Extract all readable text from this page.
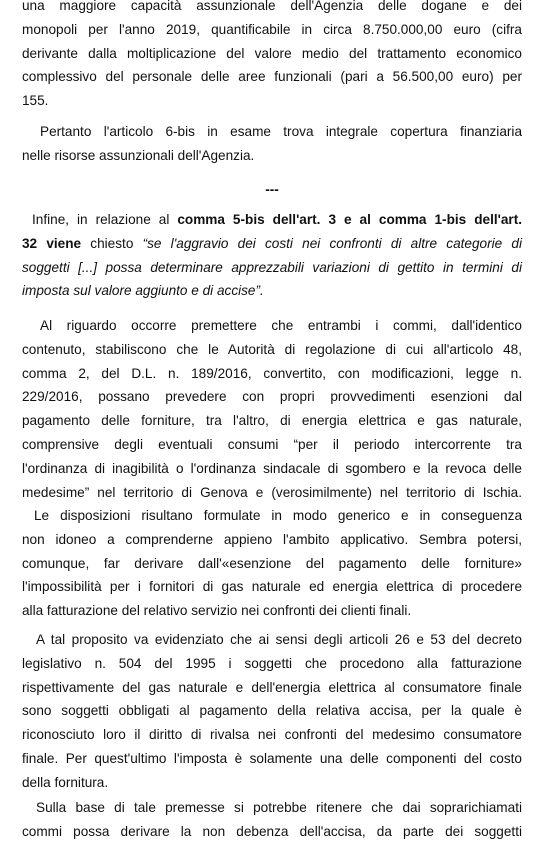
una maggiore capacità assunzionale dell'Agenzia delle dogane e dei
monopoli per l'anno 2019, quantificabile in circa 8.750.000,00 euro (cifra
derivante dalla moltiplicazione del valore medio del trattamento economico
complessivo del personale delle aree funzionali (pari a 56.500,00 euro) per
155.
Pertanto l'articolo 6-bis in esame trova integrale copertura finanziaria
nelle risorse assunzionali dell'Agenzia.
---
Infine, in relazione al comma 5-bis dell'art. 3 e al comma 1-bis dell'art.
32 viene chiesto “se l'aggravio dei costi nei confronti di altre categorie di
soggetti [...] possa determinare apprezzabili variazioni di gettito in termini di
imposta sul valore aggiunto e di accise”.
Al riguardo occorre premettere che entrambi i commi, dall'identico
contenuto, stabiliscono che le Autorità di regolazione di cui all'articolo 48,
comma 2, del D.L. n. 189/2016, convertito, con modificazioni, legge n.
229/2016, possano prevedere con propri provvedimenti esenzioni dal
pagamento delle forniture, tra l'altro, di energia elettrica e gas naturale,
comprensive degli eventuali consumi “per il periodo intercorrente tra
l'ordinanza di inagibilità o l'ordinanza sindacale di sgombero e la revoca delle
medesime” nel territorio di Genova e (verosimilmente) nel territorio di Ischia.
Le disposizioni risultano formulate in modo generico e in conseguenza
non idoneo a comprenderne appieno l'ambito applicativo. Sembra potersi,
comunque, far derivare dall'«esenzione del pagamento delle forniture»
l'impossibilità per i fornitori di gas naturale ed energia elettrica di procedere
alla fatturazione del relativo servizio nei confronti dei clienti finali.
A tal proposito va evidenziato che ai sensi degli articoli 26 e 53 del decreto
legislativo n. 504 del 1995 i soggetti che procedono alla fatturazione
rispettivamente del gas naturale e dell'energia elettrica al consumatore finale
sono soggetti obbligati al pagamento della relativa accisa, per la quale è
riconosciuto loro il diritto di rivalsa nei confronti del medesimo consumatore
finale. Per quest'ultimo l'imposta è solamente una delle componenti del costo
della fornitura.
Sulla base di tale premesse si potrebbe ritenere che dai soprarichiamati
commi possa derivare la non debenza dell'accisa, da parte dei soggetti
